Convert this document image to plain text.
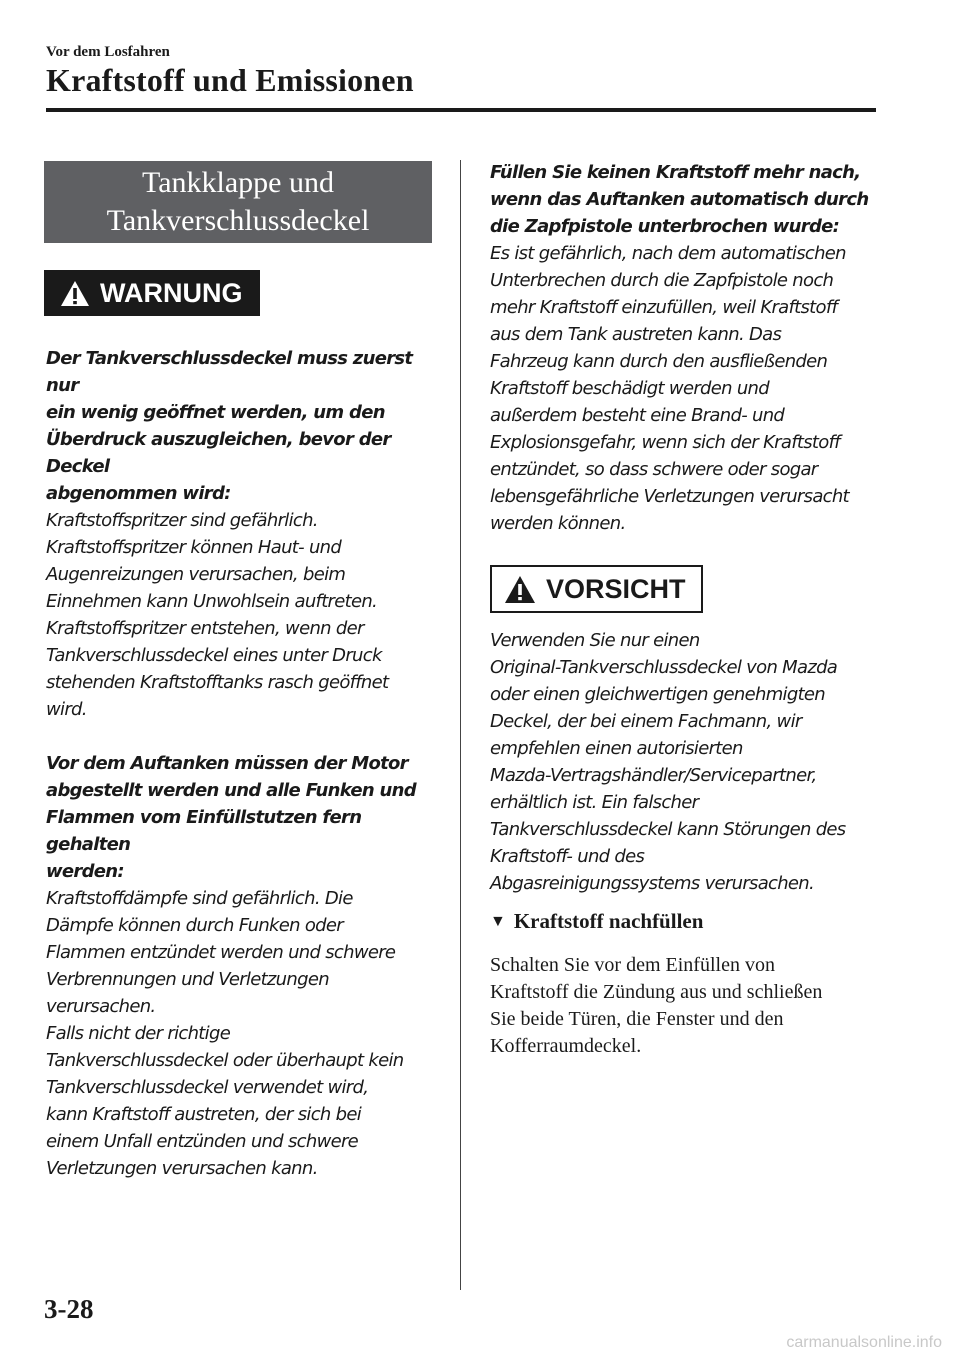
Vor dem Losfahren
Kraftstoff und Emissionen
Tankklappe und
Tankverschlussdeckel
WARNUNG

Der Tankverschlussdeckel muss zuerst nur

ein wenig geöffnet werden, um den

Überdruck auszugleichen, bevor der Deckel

abgenommen wird:

Kraftstoffspritzer sind gefährlich.

Kraftstoffspritzer können Haut- und

Augenreizungen verursachen, beim

Einnehmen kann Unwohlsein auftreten.

Kraftstoffspritzer entstehen, wenn der

Tankverschlussdeckel eines unter Druck

stehenden Kraftstofftanks rasch geöffnet

wird.

Vor dem Auftanken müssen der Motor

abgestellt werden und alle Funken und

Flammen vom Einfüllstutzen fern gehalten

werden:

Kraftstoffdämpfe sind gefährlich. Die

Dämpfe können durch Funken oder

Flammen entzündet werden und schwere

Verbrennungen und Verletzungen

verursachen.

Falls nicht der richtige

Tankverschlussdeckel oder überhaupt kein

Tankverschlussdeckel verwendet wird,

kann Kraftstoff austreten, der sich bei

einem Unfall entzünden und schwere

Verletzungen verursachen kann.

Füllen Sie keinen Kraftstoff mehr nach,

wenn das Auftanken automatisch durch

die Zapfpistole unterbrochen wurde:

Es ist gefährlich, nach dem automatischen

Unterbrechen durch die Zapfpistole noch

mehr Kraftstoff einzufüllen, weil Kraftstoff

aus dem Tank austreten kann. Das

Fahrzeug kann durch den ausfließenden

Kraftstoff beschädigt werden und

außerdem besteht eine Brand- und

Explosionsgefahr, wenn sich der Kraftstoff

entzündet, so dass schwere oder sogar

lebensgefährliche Verletzungen verursacht

werden können.

VORSICHT

Verwenden Sie nur einen

Original-Tankverschlussdeckel von Mazda

oder einen gleichwertigen genehmigten

Deckel, der bei einem Fachmann, wir

empfehlen einen autorisierten

Mazda-Vertragshändler/Servicepartner,

erhältlich ist. Ein falscher

Tankverschlussdeckel kann Störungen des

Kraftstoff- und des

Abgasreinigungssystems verursachen.

▼ Kraftstoff nachfüllen

Schalten Sie vor dem Einfüllen von

Kraftstoff die Zündung aus und schließen

Sie beide Türen, die Fenster und den

Kofferraumdeckel.

3-28
carmanualsonline.info
